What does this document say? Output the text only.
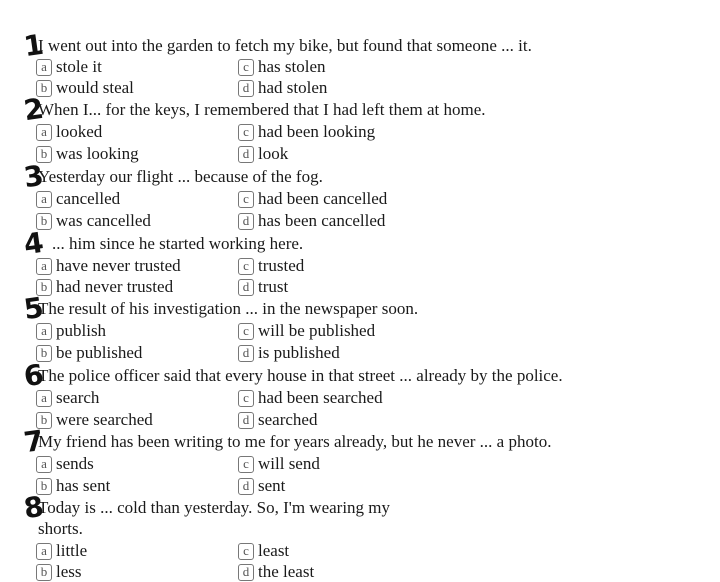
1
I went out into the garden to fetch my bike, but found that someone ... it.
a stole it	c has stolen
b would steal	d had stolen
2
When I... for the keys, I remembered that I had left them at home.
a looked	c had been looking
b was looking	d look
3
Yesterday our flight ... because of the fog.
a cancelled	c had been cancelled
b was cancelled	d has been cancelled
4 ... him since he started working here.
a have never trusted	c trusted
b had never trusted	d trust
5
The result of his investigation ... in the newspaper soon.
a publish	c will be published
b be published	d is published
6
The police officer said that every house in that street ... already by the police.
a search	c had been searched
b were searched	d searched
7
My friend has been writing to me for years already, but he never ... a photo.
a sends	c will send
b has sent	d sent
8
Today is ... cold than yesterday. So, I'm wearing my
shorts.
a little	c least
b less	d the least
